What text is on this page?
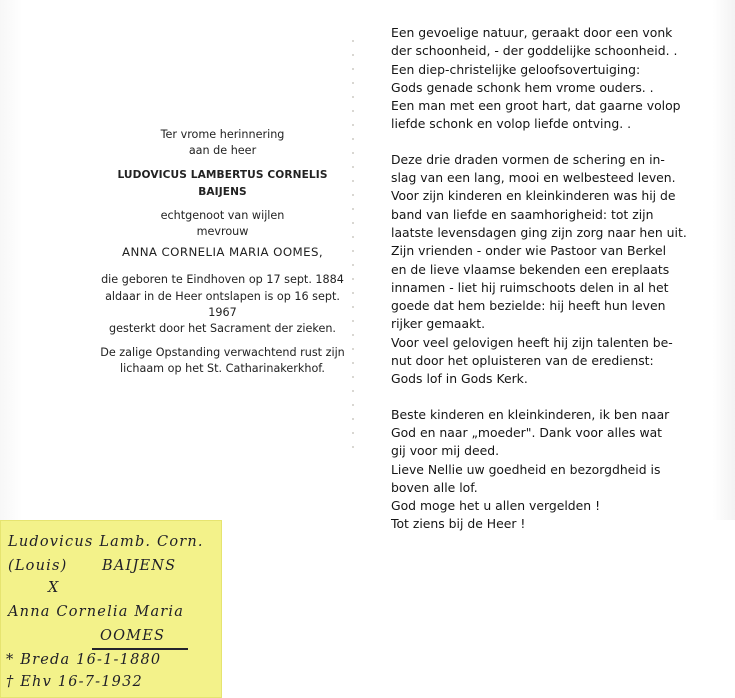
Ter vrome herinnering
aan de heer
LUDOVICUS LAMBERTUS CORNELIS BAIJENS
echtgenoot van wijlen
mevrouw
ANNA CORNELIA MARIA OOMES,
die geboren te Eindhoven op 17 sept. 1884
aldaar in de Heer ontslapen is op 16 sept. 1967
gesterkt door het Sacrament der zieken.
De zalige Opstanding verwachtend rust zijn
lichaam op het St. Catharinakerkhof.
Een gevoelige natuur, geraakt door een vonk
der schoonheid, - der goddelijke schoonheid. .
Een diep-christelijke geloofsovertuiging:
Gods genade schonk hem vrome ouders. .
Een man met een groot hart, dat gaarne volop
liefde schonk en volop liefde ontving. .
Deze drie draden vormen de schering en in-
slag van een lang, mooi en welbesteed leven.
Voor zijn kinderen en kleinkinderen was hij de
band van liefde en saamhorigheid: tot zijn
laatste levensdagen ging zijn zorg naar hen uit.
Zijn vrienden - onder wie Pastoor van Berkel
en de lieve vlaamse bekenden een ereplaats
innamen - liet hij ruimschoots delen in al het
goede dat hem bezielde: hij heeft hun leven
rijker gemaakt.
Voor veel gelovigen heeft hij zijn talenten be-
nut door het opluisteren van de eredienst:
Gods lof in Gods Kerk.
Beste kinderen en kleinkinderen, ik ben naar
God en naar „moeder". Dank voor alles wat
gij voor mij deed.
Lieve Nellie uw goedheid en bezorgdheid is
boven alle lof.
God moge het u allen vergelden !
Tot ziens bij de Heer !
Ludovicus Lamb. Corn.
(Louis) BAIJENS
X
Anna Cornelia Maria
OOMES
* Breda 16-1-1880
† Ehv 16-7-1932
